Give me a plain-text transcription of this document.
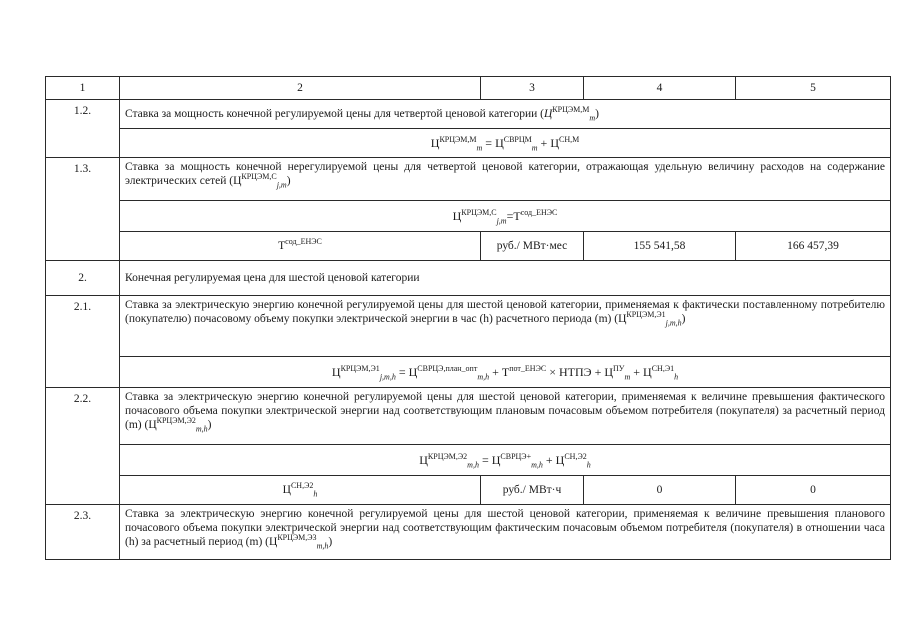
1	2	3	4	5
1.2.	Ставка за мощность конечной регулируемой цены для четвертой ценовой категории $(Ц^{КРЦЭМ,М}_m)$			
	$Ц^{КРЦЭМ,М}_m = Ц^{СВРЦМ}_m + Ц^{СН,М}$
1.3.	Ставка за мощность конечной нерегулируемой цены для четвертой ценовой категории, отражающая удельную величину расходов на содержание электрических сетей $(Ц^{КРЦЭМ,С}_{j,m})$			
	$Ц^{КРЦЭМ,С}_{j,m}=Т^{сод\_ЕНЭС}$
	$Т^{сод\_ЕНЭС}$	руб./ МВт·мес	155 541,58	166 457,39
2.	Конечная регулируемая цена для шестой ценовой категории			
2.1.	Ставка за электрическую энергию конечной регулируемой цены для шестой ценовой категории, применяемая к фактически поставленному потребителю (покупателю) почасовому объему покупки электрической энергии в час (h) расчетного периода (m) $(Ц^{КРЦЭМ,Э1}_{j,m,h})$			
	$Ц^{КРЦЭМ,Э1}_{j,m,h} = Ц^{СВРЦЭ,план\_опт}_{m,h} + Т^{пот\_ЕНЭС}$ × НТПЭ + $Ц^{ПУ}_m + Ц^{СН,Э1}_h$
2.2.	Ставка за электрическую энергию конечной регулируемой цены для шестой ценовой категории, применяемая к величине превышения фактического почасового объема покупки электрической энергии над соответствующим плановым почасовым объемом потребителя (покупателя) за расчетный период (m) $(Ц^{КРЦЭМ,Э2}_{m,h})$			
	$Ц^{КРЦЭМ,Э2}_{m,h} = Ц^{СВРЦЭ+}_{m,h} + Ц^{СН,Э2}_h$
	$Ц^{СН,Э2}_h$	руб./ МВт·ч	0	0
2.3.	Ставка за электрическую энергию конечной регулируемой цены для шестой ценовой категории, применяемая к величине превышения планового почасового объема покупки электрической энергии над соответствующим фактическим почасовым объемом потребителя (покупателя) в отношении часа (h) за расчетный период (m) $(Ц^{КРЦЭМ,Э3}_{m,h})$			
